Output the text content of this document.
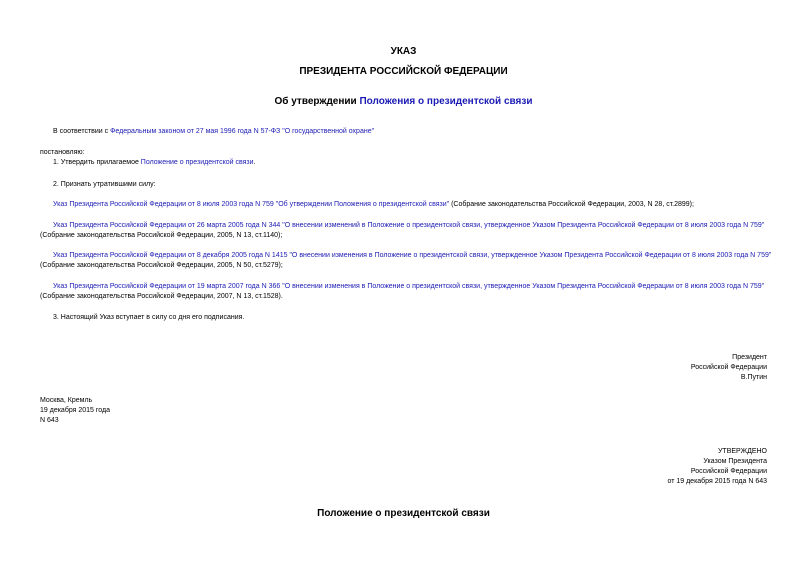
УКАЗ
ПРЕЗИДЕНТА РОССИЙСКОЙ ФЕДЕРАЦИИ
Об утверждении Положения о президентской связи
В соответствии с Федеральным законом от 27 мая 1996 года N 57-ФЗ "О государственной охране"
постановляю:
1. Утвердить прилагаемое Положение о президентской связи.
2. Признать утратившими силу:
Указ Президента Российской Федерации от 8 июля 2003 года N 759 "Об утверждении Положения о президентской связи" (Собрание законодательства Российской Федерации, 2003, N 28, ст.2899);
Указ Президента Российской Федерации от 26 марта 2005 года N 344 "О внесении изменений в Положение о президентской связи, утвержденное Указом Президента Российской Федерации от 8 июля 2003 года N 759" (Собрание законодательства Российской Федерации, 2005, N 13, ст.1140);
Указ Президента Российской Федерации от 8 декабря 2005 года N 1415 "О внесении изменения в Положение о президентской связи, утвержденное Указом Президента Российской Федерации от 8 июля 2003 года N 759" (Собрание законодательства Российской Федерации, 2005, N 50, ст.5279);
Указ Президента Российской Федерации от 19 марта 2007 года N 366 "О внесении изменения в Положение о президентской связи, утвержденное Указом Президента Российской Федерации от 8 июля 2003 года N 759" (Собрание законодательства Российской Федерации, 2007, N 13, ст.1528).
3. Настоящий Указ вступает в силу со дня его подписания.
Президент
Российской Федерации
В.Путин
Москва, Кремль
19 декабря 2015 года
N 643
УТВЕРЖДЕНО
Указом Президента
Российской Федерации
от 19 декабря 2015 года N 643
Положение о президентской связи
